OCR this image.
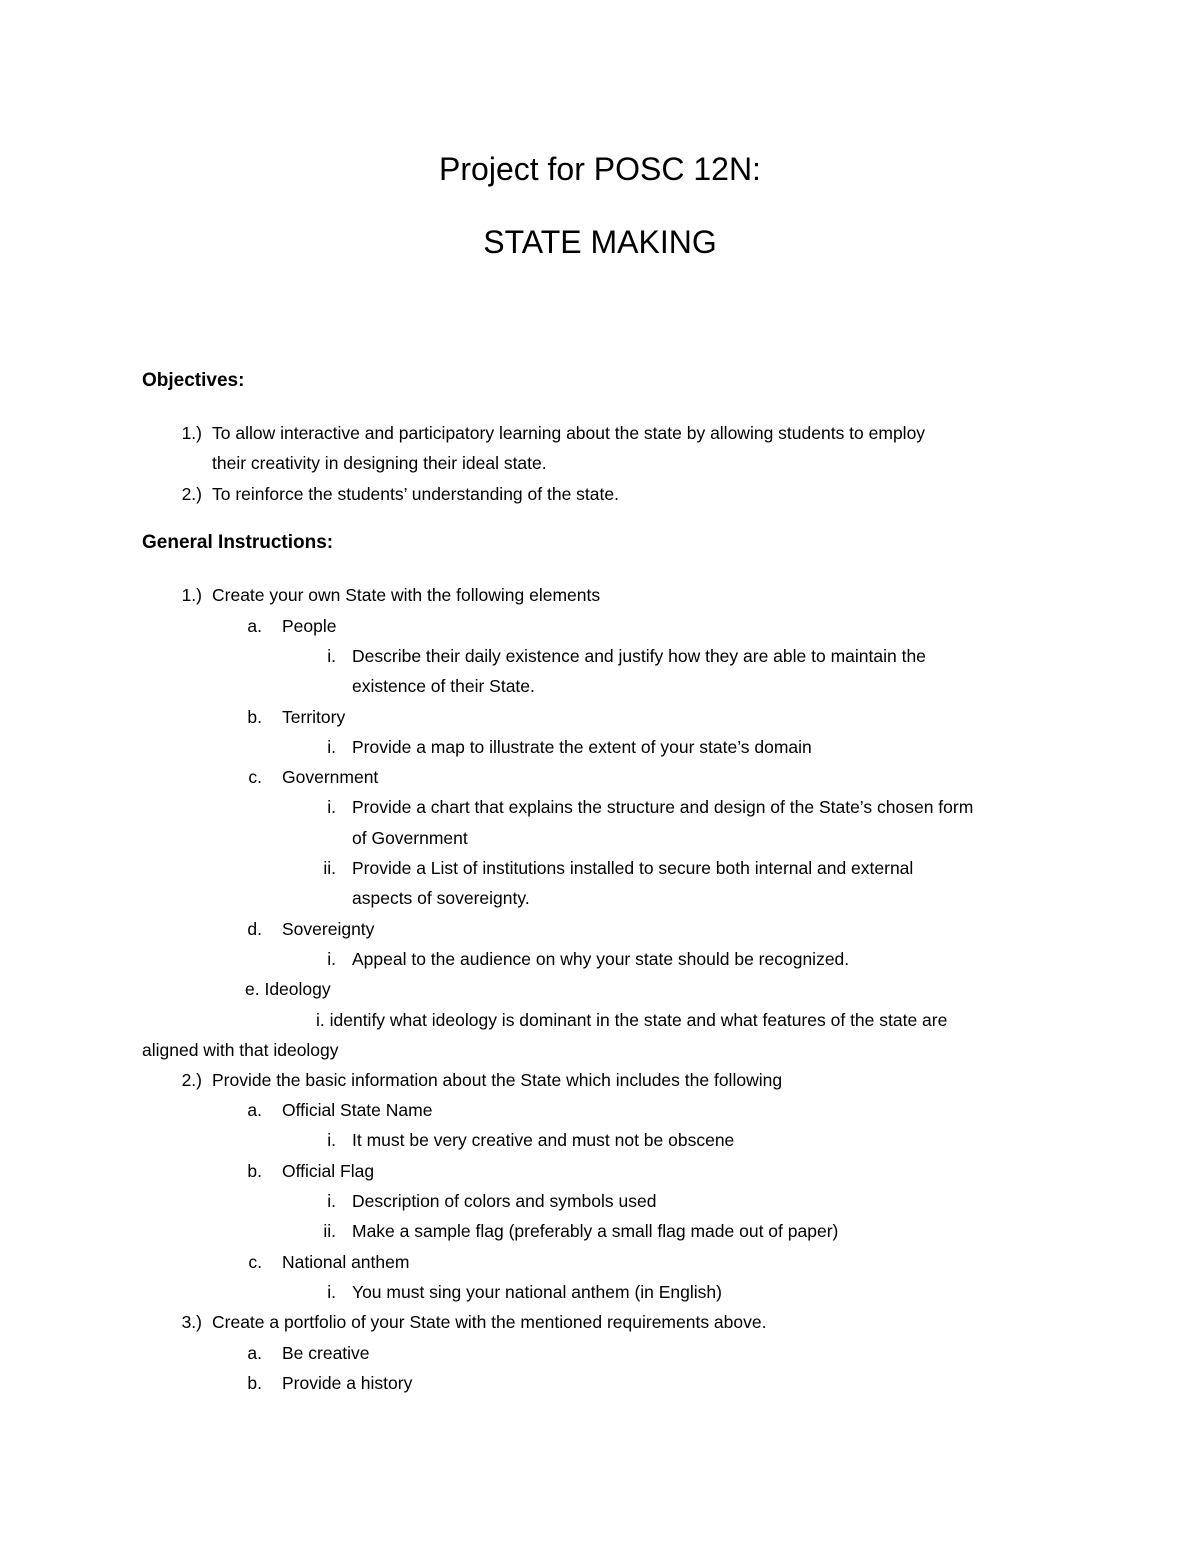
Project for POSC 12N:
STATE MAKING
Objectives:
1.) To allow interactive and participatory learning about the state by allowing students to employ
their creativity in designing their ideal state.
2.) To reinforce the students’ understanding of the state.
General Instructions:
1.) Create your own State with the following elements
a. People
i. Describe their daily existence and justify how they are able to maintain the
existence of their State.
b. Territory
i. Provide a map to illustrate the extent of your state’s domain
c. Government
i. Provide a chart that explains the structure and design of the State’s chosen form
of Government
ii. Provide a List of institutions installed to secure both internal and external
aspects of sovereignty.
d. Sovereignty
i. Appeal to the audience on why your state should be recognized.
e. Ideology
i. identify what ideology is dominant in the state and what features of the state are
aligned with that ideology
2.) Provide the basic information about the State which includes the following
a. Official State Name
i. It must be very creative and must not be obscene
b. Official Flag
i. Description of colors and symbols used
ii. Make a sample flag (preferably a small flag made out of paper)
c. National anthem
i. You must sing your national anthem (in English)
3.) Create a portfolio of your State with the mentioned requirements above.
a. Be creative
b. Provide a history
